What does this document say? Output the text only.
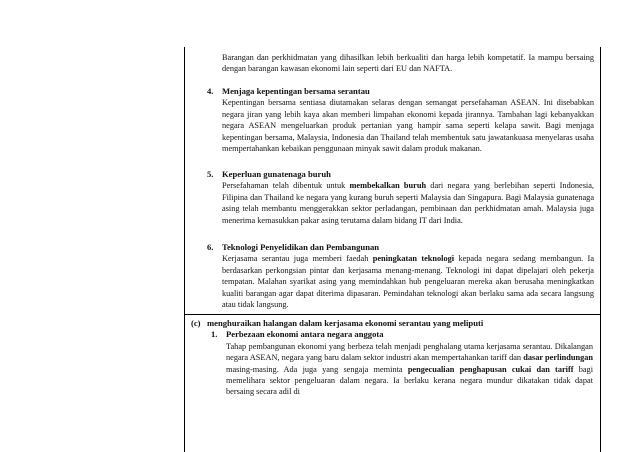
Barangan dan perkhidmatan yang dihasilkan lebih berkualiti dan harga lebih kompetatif. Ia mampu bersaing dengan barangan kawasan ekonomi lain seperti dari EU dan NAFTA.

4. Menjaga kepentingan bersama serantau

Kepentingan bersama sentiasa diutamakan selaras dengan semangat persefahaman ASEAN. Ini disebabkan negara jiran yang lebih kaya akan memberi limpahan ekonomi kepada jirannya. Tambahan lagi kebanyakkan negara ASEAN mengeluarkan produk pertanian yang hampir sama seperti kelapa sawit. Bagi menjaga kepentingan bersama, Malaysia, Indonesia dan Thailand telah membentuk satu jawatankuasa menyelaras usaha mempertahankan kebaikan penggunaan minyak sawit dalam produk makanan.

5. Keperluan gunatenaga buruh

Persefahaman telah dibentuk untuk membekalkan buruh dari negara yang berlebihan seperti Indonesia, Filipina dan Thailand ke negara yang kurang buruh seperti Malaysia dan Singapura. Bagi Malaysia gunatenaga asing telah membantu menggerakkan sektor perladangan, pembinaan dan perkhidmatan amah. Malaysia juga menerima kemasukkan pakar asing terutama dalam bidang IT dari India.

6. Teknologi Penyelidikan dan Pembangunan

Kerjasama serantau juga memberi faedah peningkatan teknologi kepada negara sedang membangun. Ia berdasarkan perkongsian pintar dan kerjasama menang-menang. Teknologi ini dapat dipelajari oleh pekerja tempatan. Malahan syarikat asing yang memindahkan hub pengeluaran mereka akan berusaha meningkatkan kualiti barangan agar dapat diterima dipasaran. Pemindahan teknologi akan berlaku sama ada secara langsung atau tidak langsung.

(c) menghuraikan halangan dalam kerjasama ekonomi serantau yang meliputi

1. Perbezaan ekonomi antara negara anggota

Tahap pembangunan ekonomi yang berbeza telah menjadi penghalang utama kerjasama serantau. Dikalangan negara ASEAN, negara yang baru dalam sektor industri akan mempertahankan tariff dan dasar perlindungan masing-masing. Ada juga yang sengaja meminta pengecualian penghapusan cukai dan tariff bagi memelihara sektor pengeluaran dalam negara. Ia berlaku kerana negara mundur dikatakan tidak dapat bersaing secara adil di
